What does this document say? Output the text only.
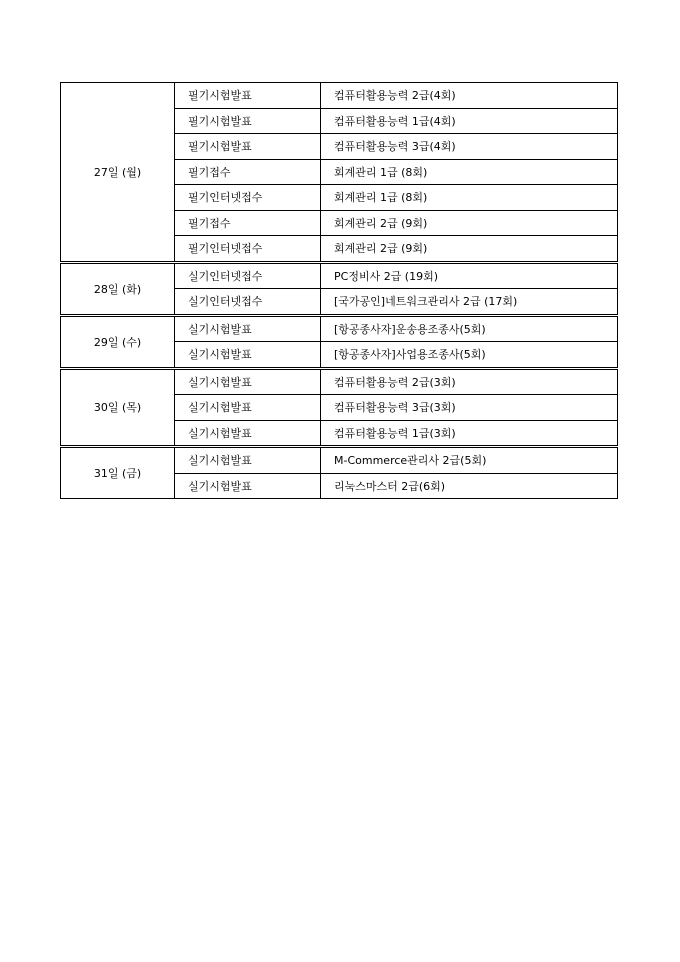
27일 (월)	필기시험발표	컴퓨터활용능력 2급(4회)
	필기시험발표	컴퓨터활용능력 1급(4회)
	필기시험발표	컴퓨터활용능력 3급(4회)
	필기접수	회계관리 1급 (8회)
	필기인터넷접수	회계관리 1급 (8회)
	필기접수	회계관리 2급 (9회)
	필기인터넷접수	회계관리 2급 (9회)
28일 (화)	실기인터넷접수	PC정비사 2급 (19회)
	실기인터넷접수	[국가공인]네트워크관리사 2급 (17회)
29일 (수)	실기시험발표	[항공종사자]운송용조종사(5회)
	실기시험발표	[항공종사자]사업용조종사(5회)
30일 (목)	실기시험발표	컴퓨터활용능력 2급(3회)
	실기시험발표	컴퓨터활용능력 3급(3회)
	실기시험발표	컴퓨터활용능력 1급(3회)
31일 (금)	실기시험발표	M-Commerce관리사 2급(5회)
	실기시험발표	리눅스마스터 2급(6회)
